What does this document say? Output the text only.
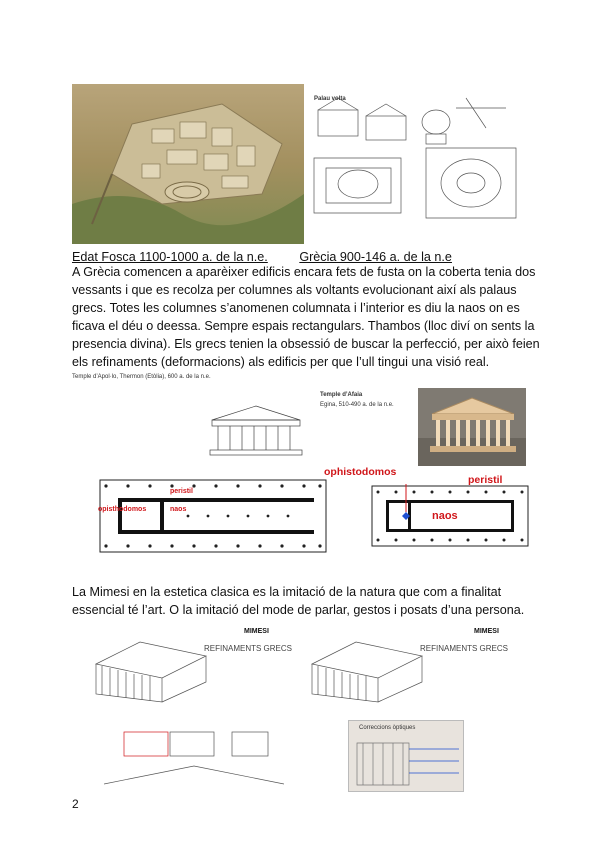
Palau volta
Edat Fosca 1100-1000 a. de la n.e.	Grècia 900-146 a. de la n.e
A Grècia comencen a aparèixer edificis encara fets de fusta on la coberta tenia dos
vessants i que es recolza per columnes als voltants evolucionant així als palaus
grecs. Totes les columnes s’anomenen columnata i l’interior es diu la naos on es
ficava el déu o deessa. Sempre espais rectangulars. Thambos (lloc diví on sents la
presencia divina). Els grecs tenien la obsessió de buscar la perfecció, per això feien
els refinaments (deformacions) als edificis per que l’ull tingui una visió real.
Temple d’Apol·lo, Thermon (Etòlia), 600 a. de la n.e.
Temple d’Afaia
Egina, 510-490 a. de la n.e.
peristil
opisthodomos	naos
ophistodomos
peristil
naos
La Mimesi en la estetica clasica es la imitació de la natura que com a finalitat
essencial té l’art. O la imitació del mode de parlar, gestos i posats d’una persona.
MIMESI
REFINAMENTS GRECS
MIMESI
REFINAMENTS GRECS
Correccions òptiques
2
